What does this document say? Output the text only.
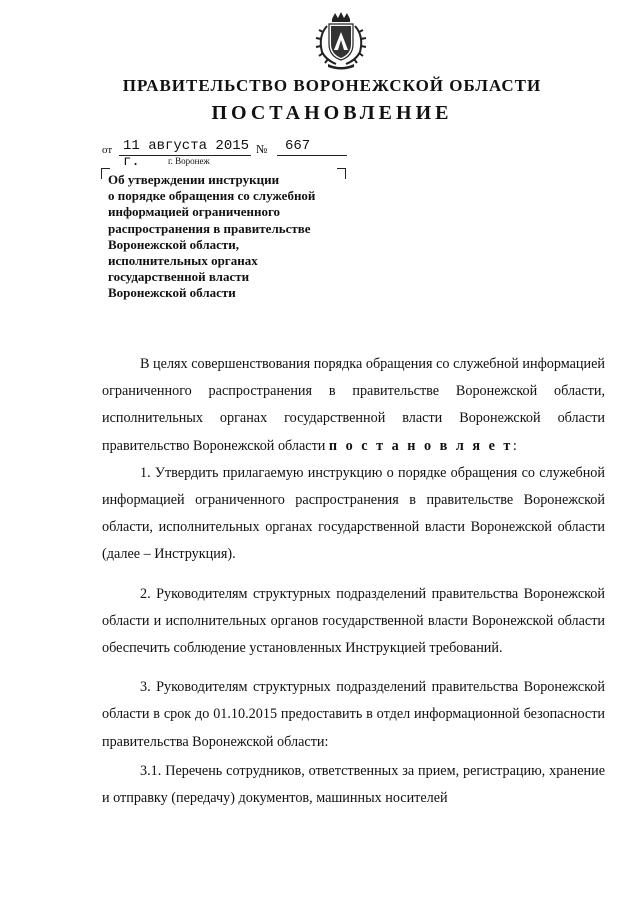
ПРАВИТЕЛЬСТВО ВОРОНЕЖСКОЙ ОБЛАСТИ
ПОСТАНОВЛЕНИЕ
от 11 августа 2015 г.
№	667
г. Воронеж
Об утверждении инструкции
о порядке обращения со служебной
информацией ограниченного
распространения в правительстве
Воронежской области,
исполнительных органах
государственной власти
Воронежской области

В целях совершенствования порядка обращения со служебной информацией ограниченного распространения в правительстве Воронежской области, исполнительных органах государственной власти Воронежской области правительство Воронежской области п о с т а н о в л я е т:

1. Утвердить прилагаемую инструкцию о порядке обращения со служебной информацией ограниченного распространения в правительстве Воронежской области, исполнительных органах государственной власти Воронежской области (далее – Инструкция).

2. Руководителям структурных подразделений правительства Воронежской области и исполнительных органов государственной власти Воронежской области обеспечить соблюдение установленных Инструкцией требований.

3. Руководителям структурных подразделений правительства Воронежской области в срок до 01.10.2015 предоставить в отдел информационной безопасности правительства Воронежской области:

3.1. Перечень сотрудников, ответственных за прием, регистрацию, хранение и отправку (передачу) документов, машинных носителей
